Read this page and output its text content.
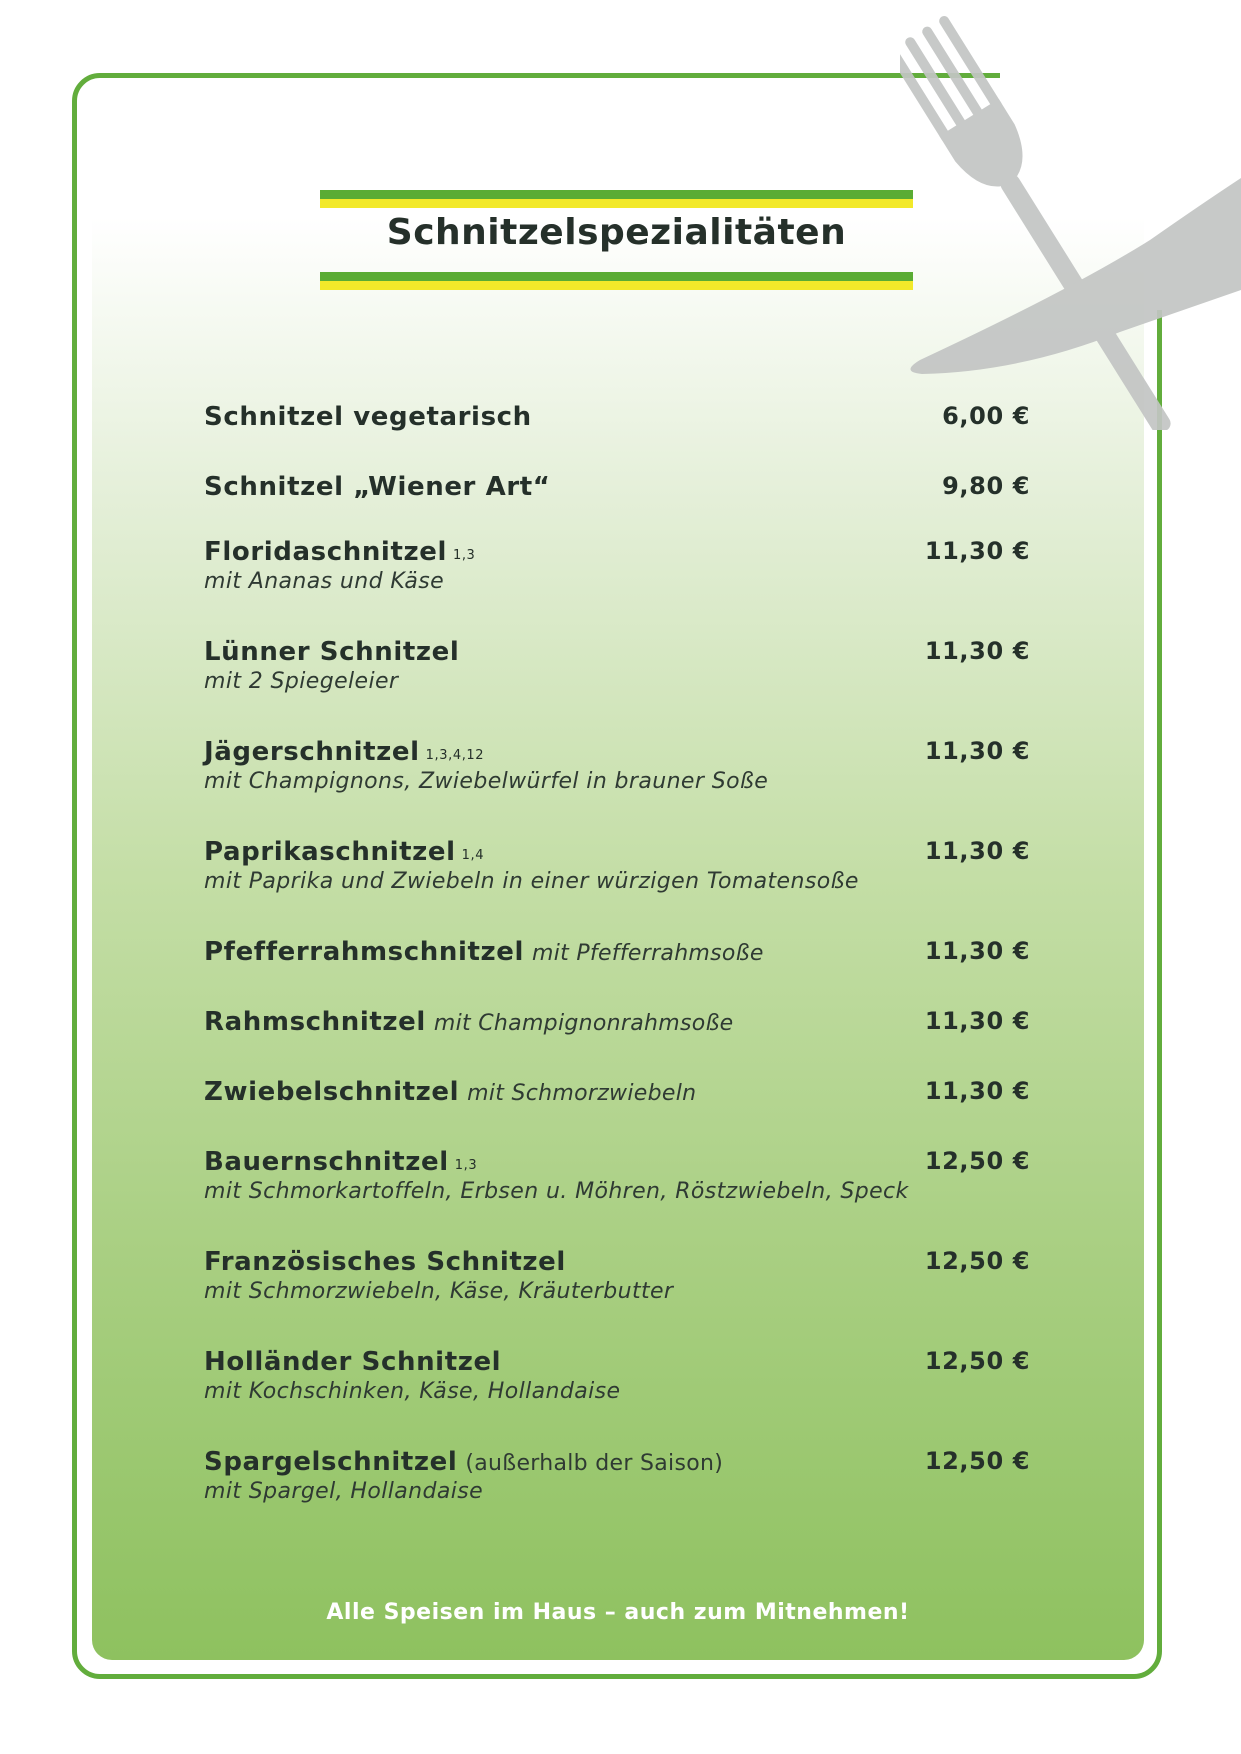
Schnitzelspezialitäten
Schnitzel vegetarisch	6,00 €
Schnitzel „Wiener Art“	9,80 €
Floridaschnitzel 1,3	11,30 €
mit Ananas und Käse
Lünner Schnitzel	11,30 €
mit 2 Spiegeleier
Jägerschnitzel 1,3,4,12	11,30 €
mit Champignons, Zwiebelwürfel in brauner Soße
Paprikaschnitzel 1,4	11,30 €
mit Paprika und Zwiebeln in einer würzigen Tomatensoße
Pfefferrahmschnitzel mit Pfefferrahmsoße	11,30 €
Rahmschnitzel mit Champignonrahmsoße	11,30 €
Zwiebelschnitzel mit Schmorzwiebeln	11,30 €
Bauernschnitzel 1,3	12,50 €
mit Schmorkartoffeln, Erbsen u. Möhren, Röstzwiebeln, Speck
Französisches Schnitzel	12,50 €
mit Schmorzwiebeln, Käse, Kräuterbutter
Holländer Schnitzel	12,50 €
mit Kochschinken, Käse, Hollandaise
Spargelschnitzel (außerhalb der Saison)	12,50 €
mit Spargel, Hollandaise
Alle Speisen im Haus – auch zum Mitnehmen!
